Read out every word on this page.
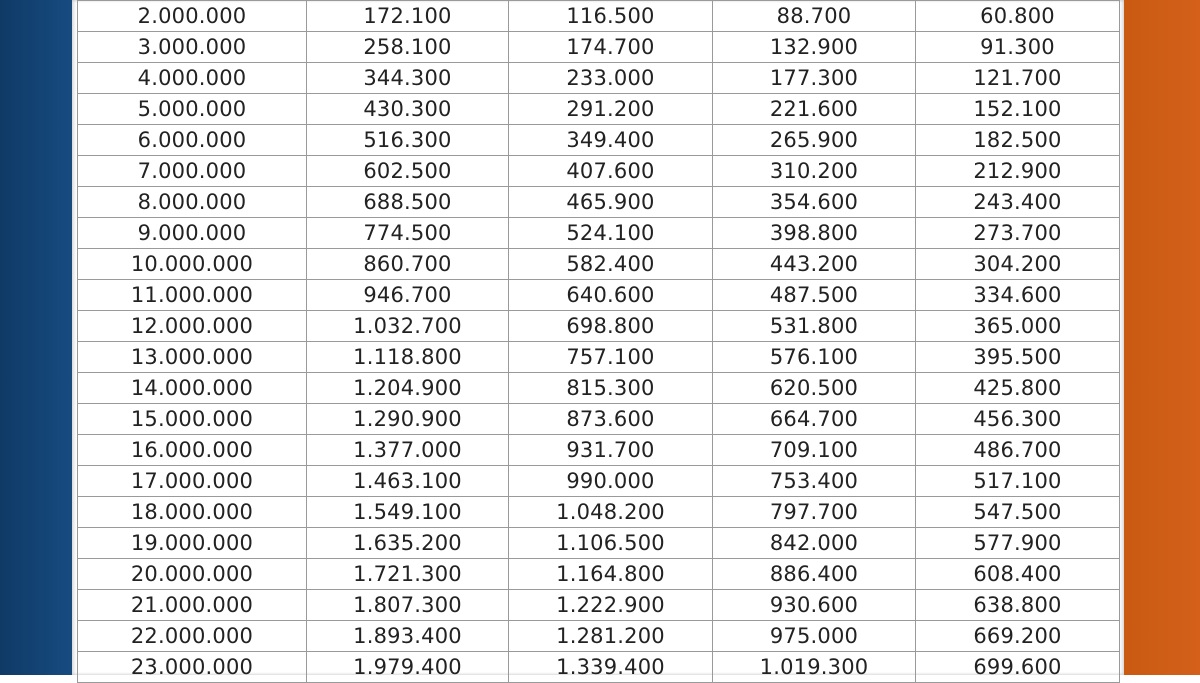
2.000.000	172.100	116.500	88.700	60.800
3.000.000	258.100	174.700	132.900	91.300
4.000.000	344.300	233.000	177.300	121.700
5.000.000	430.300	291.200	221.600	152.100
6.000.000	516.300	349.400	265.900	182.500
7.000.000	602.500	407.600	310.200	212.900
8.000.000	688.500	465.900	354.600	243.400
9.000.000	774.500	524.100	398.800	273.700
10.000.000	860.700	582.400	443.200	304.200
11.000.000	946.700	640.600	487.500	334.600
12.000.000	1.032.700	698.800	531.800	365.000
13.000.000	1.118.800	757.100	576.100	395.500
14.000.000	1.204.900	815.300	620.500	425.800
15.000.000	1.290.900	873.600	664.700	456.300
16.000.000	1.377.000	931.700	709.100	486.700
17.000.000	1.463.100	990.000	753.400	517.100
18.000.000	1.549.100	1.048.200	797.700	547.500
19.000.000	1.635.200	1.106.500	842.000	577.900
20.000.000	1.721.300	1.164.800	886.400	608.400
21.000.000	1.807.300	1.222.900	930.600	638.800
22.000.000	1.893.400	1.281.200	975.000	669.200
23.000.000	1.979.400	1.339.400	1.019.300	699.600
